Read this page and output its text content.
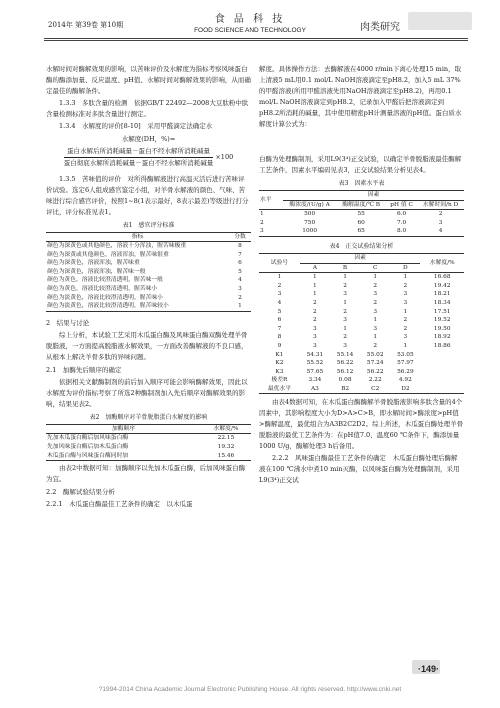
2014年 第39卷 第10期	食 品 科 技
FOOD SCIENCE AND TECHNOLOGY	肉类研究

水解时间对酶解效果的影响，以苦味评价及水解度为指标考察风味蛋白酶的酶添加量、反应温度、pH值、水解时间对酶解效果的影响，从而确定最佳的酶解条件。

1.3.3　多肽含量的检测　依据GB/T 22492—2008大豆肽粉中肽含量检测标准对多肽含量进行测定。

1.3.4　水解度的评价[8-10]　采用甲醛滴定法确定水

水解度(DH，%)=
$\frac{\text{蛋白水解后所消耗碱量－蛋白不经水解所消耗碱量}}{\text{蛋白彻底水解所消耗碱量－蛋白不经水解所消耗碱量}} \times 100$

1.3.5　苦味值的评价　对所得酶解液进行高温灭活后进行苦味评价试验。选定6人组成感官鉴定小组，对羊骨水解液的颜色、气味、苦味进行综合感官评价，按照1~8(1表示最好，8表示最差)等级进行打分评比，评分标准见表1。

表1　感官评分标准
指标	分数
颜色为深黄色或其他颜色，溶液十分浑浊，腥苦味极重	8
颜色为深黄或其他颜色，溶液浑浊，腥苦味很重	7
颜色为深黄色，溶液浑浊，腥苦味重	6
颜色为深黄色，溶液浑浊，腥苦味一般	5
颜色为黄色，溶液比较澄清透明，腥苦味一般	4
颜色为黄色，溶液比较澄清透明，腥苦味小	3
颜色为淡黄色，溶液比较澄清透明，腥苦味小	2
颜色为淡黄色，溶液比较澄清透明，腥苦味较小	1

2　结果与讨论

综上分析，本试验工艺采用木瓜蛋白酶及风味蛋白酶双酶处理羊骨脱脂液，一方面提高脱脂液水解效果，一方面改善酶解液的不良口感，从根本上解决羊骨多肽的异味问题。

2.1　加酶先后顺序的确定

依据相关文献酶制剂的前后加入顺序可能会影响酶解效果，因此以水解度为评价指标考察了所选2种酶制剂加入先后顺序对酶解效果的影响，结果见表2。

表2　加酶顺序对羊骨脱脂蛋白水解度的影响
加酶顺序	水解度/%
先加木瓜蛋白酶后加风味蛋白酶	22.15
先加风味蛋白酶后加木瓜蛋白酶	19.32
木瓜蛋白酶与风味蛋白酶同时加	15.46

由表2中数据可知：加酶顺序以先加木瓜蛋白酶，后加风味蛋白酶为宜。

2.2　酶解试验结果分析

2.2.1　木瓜蛋白酶最佳工艺条件的确定　以木瓜蛋

解度。具体操作方法：去酶解液在4000 r/min下离心处理15 min，取上清液5 mL用0.1 mol/L NaOH溶液滴定至pH8.2，加入5 mL 37%的甲醛溶液(所用甲醛溶液先用NaOH溶液滴定至pH8.2)，再用0.1 mol/L NaOH溶液滴定到pH8.2，记录加入甲醛后把溶液滴定到pH8.2所消耗的碱量，其中使用精密pH计测量溶液的pH值。蛋白质水解度计算公式为：

白酶为处理酶制剂，采用L9(3⁴)正交试验，以确定羊骨脱脂液最佳酶解工艺条件，因素水平编码见表3，正交试验结果分析见表4。

表3　因素水平表
水平	因素			
	酶浓度/(U/g) A	酶解温度/℃ B	pH 值 C	水解时间/h D
1	500	55	6.0	2
2	750	60	7.0	3
3	1000	65	8.0	4
表4　正交试验结果分析
试验号	因素				水解度/%
	A	B	C	D	
1	1	1	1	1	16.68
2	1	2	2	2	19.42
3	1	3	3	3	18.21
4	2	1	2	3	18.34
5	2	2	3	1	17.51
6	2	3	1	2	19.52
7	3	1	3	2	19.50
8	3	2	1	3	18.92
9	3	3	2	1	18.86
K1	54.31	55.14	55.02	53.05	
K2	55.52	56.22	57.24	57.97	
K3	57.65	56.12	56.22	56.29	
极差R	3.34	0.08	2.22	4.92	
最优水平	A3	B2	C2	D2	

由表4数据可知，在木瓜蛋白酶酶解羊骨脱脂液影响多肽含量的4个因素中，其影响程度大小为D>A>C>B，即水解时间>酶浓度>pH值>酶解温度，最优组合为A3B2C2D2。综上所述，木瓜蛋白酶处理羊骨脱脂液的最优工艺条件为：在pH值7.0、温度60 ℃条件下，酶添加量1000 U/g，酶解处理3 h后备用。

2.2.2　风味蛋白酶最佳工艺条件的确定　木瓜蛋白酶处理后酶解液在100 ℃沸水中煮10 min灭酶，以风味蛋白酶为处理酶制剂，采用L9(3⁴)正交试

·149·
?1994-2014 China Academic Journal Electronic Publishing House. All rights reserved. http://www.cnki.net
